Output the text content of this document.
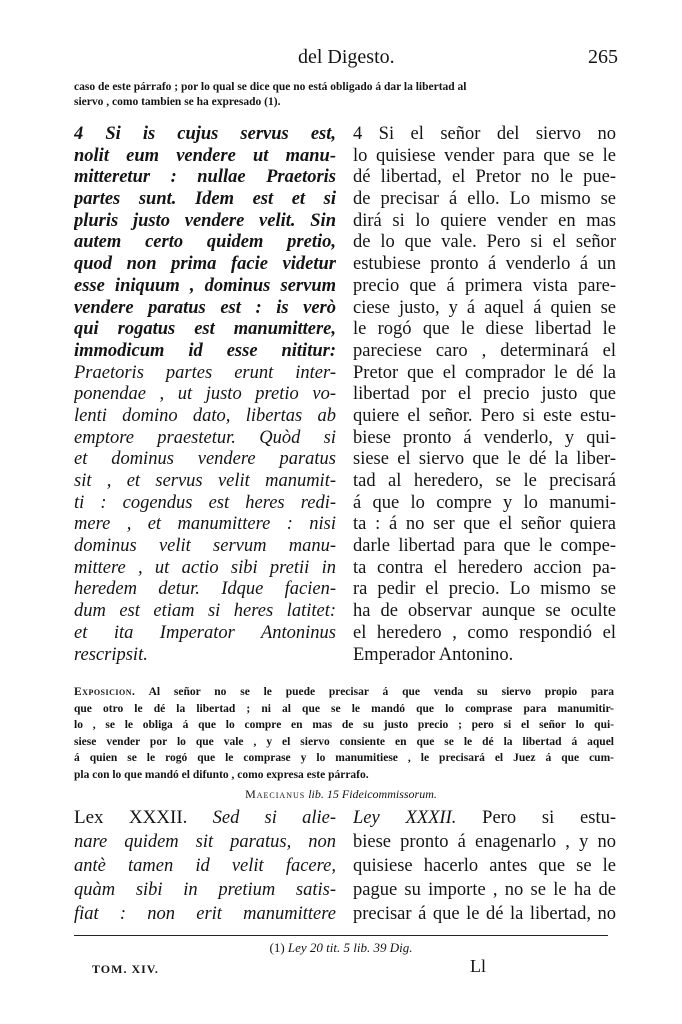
del Digesto.	265
caso de este párrafo ; por lo qual se dice que no está obligado á dar la libertad al
siervo , como tambien se ha expresado (1).
4 Si is cujus servus est,
nolit eum vendere ut manu-
mitteretur : nullae Praetoris
partes sunt. Idem est et si
pluris justo vendere velit. Sin
autem certo quidem pretio,
quod non prima facie videtur
esse iniquum , dominus servum
vendere paratus est : is verò
qui rogatus est manumittere,
immodicum id esse nititur:
Praetoris partes erunt inter-
ponendae , ut justo pretio vo-
lenti domino dato, libertas ab
emptore praestetur. Quòd si
et dominus vendere paratus
sit , et servus velit manumit-
ti : cogendus est heres redi-
mere , et manumittere : nisi
dominus velit servum manu-
mittere , ut actio sibi pretii in
heredem detur. Idque facien-
dum est etiam si heres latitet:
et ita Imperator Antoninus
rescripsit.
4 Si el señor del siervo no
lo quisiese vender para que se le
dé libertad, el Pretor no le pue-
de precisar á ello. Lo mismo se
dirá si lo quiere vender en mas
de lo que vale. Pero si el señor
estubiese pronto á venderlo á un
precio que á primera vista pare-
ciese justo, y á aquel á quien se
le rogó que le diese libertad le
pareciese caro , determinará el
Pretor que el comprador le dé la
libertad por el precio justo que
quiere el señor. Pero si este estu-
biese pronto á venderlo, y qui-
siese el siervo que le dé la liber-
tad al heredero, se le precisará
á que lo compre y lo manumi-
ta : á no ser que el señor quiera
darle libertad para que le compe-
ta contra el heredero accion pa-
ra pedir el precio. Lo mismo se
ha de observar aunque se oculte
el heredero , como respondió el
Emperador Antonino.
Exposicion. Al señor no se le puede precisar á que venda su siervo propio para
que otro le dé la libertad ; ni al que se le mandó que lo comprase para manumitir-
lo , se le obliga á que lo compre en mas de su justo precio ; pero si el señor lo qui-
siese vender por lo que vale , y el siervo consiente en que se le dé la libertad á aquel
á quien se le rogó que le comprase y lo manumitiese , le precisará el Juez á que cum-
pla con lo que mandó el difunto , como expresa este párrafo.
Maecianus lib. 15 Fideicommissorum.
Lex XXXII. Sed si alie-
nare quidem sit paratus, non
antè tamen id velit facere,
quàm sibi in pretium satis-
fiat : non erit manumittere
Ley XXXII. Pero si estu-
biese pronto á enagenarlo , y no
quisiese hacerlo antes que se le
pague su importe , no se le ha de
precisar á que le dé la libertad, no
(1) Ley 20 tit. 5 lib. 39 Dig.
TOM. XIV.	Ll
